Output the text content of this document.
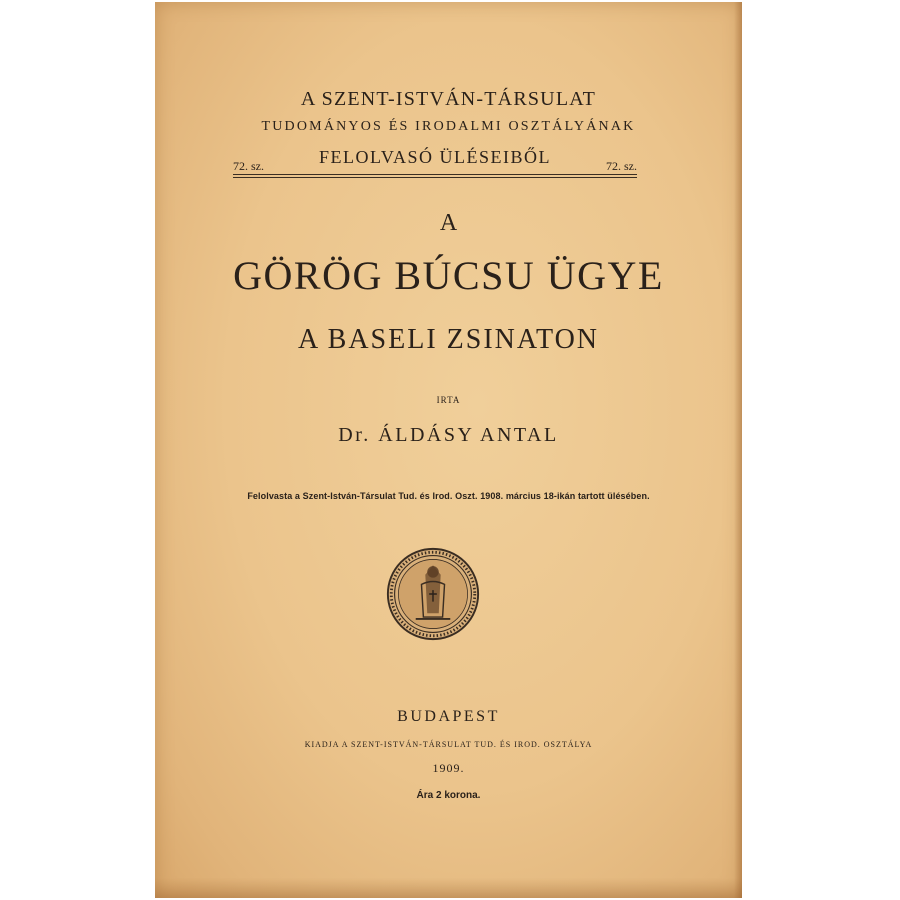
A SZENT-ISTVÁN-TÁRSULAT
TUDOMÁNYOS ÉS IRODALMI OSZTÁLYÁNAK
72. sz.	FELOLVASÓ ÜLÉSEIBŐL	72. sz.
A
GÖRÖG BÚCSU ÜGYE
A BASELI ZSINATON
IRTA
Dr. ÁLDÁSY ANTAL
Felolvasta a Szent-István-Társulat Tud. és Irod. Oszt. 1908. március 18-ikán tartott ülésében.
BUDAPEST
KIADJA A SZENT-ISTVÁN-TÁRSULAT TUD. ÉS IROD. OSZTÁLYA
1909.
Ára 2 korona.
